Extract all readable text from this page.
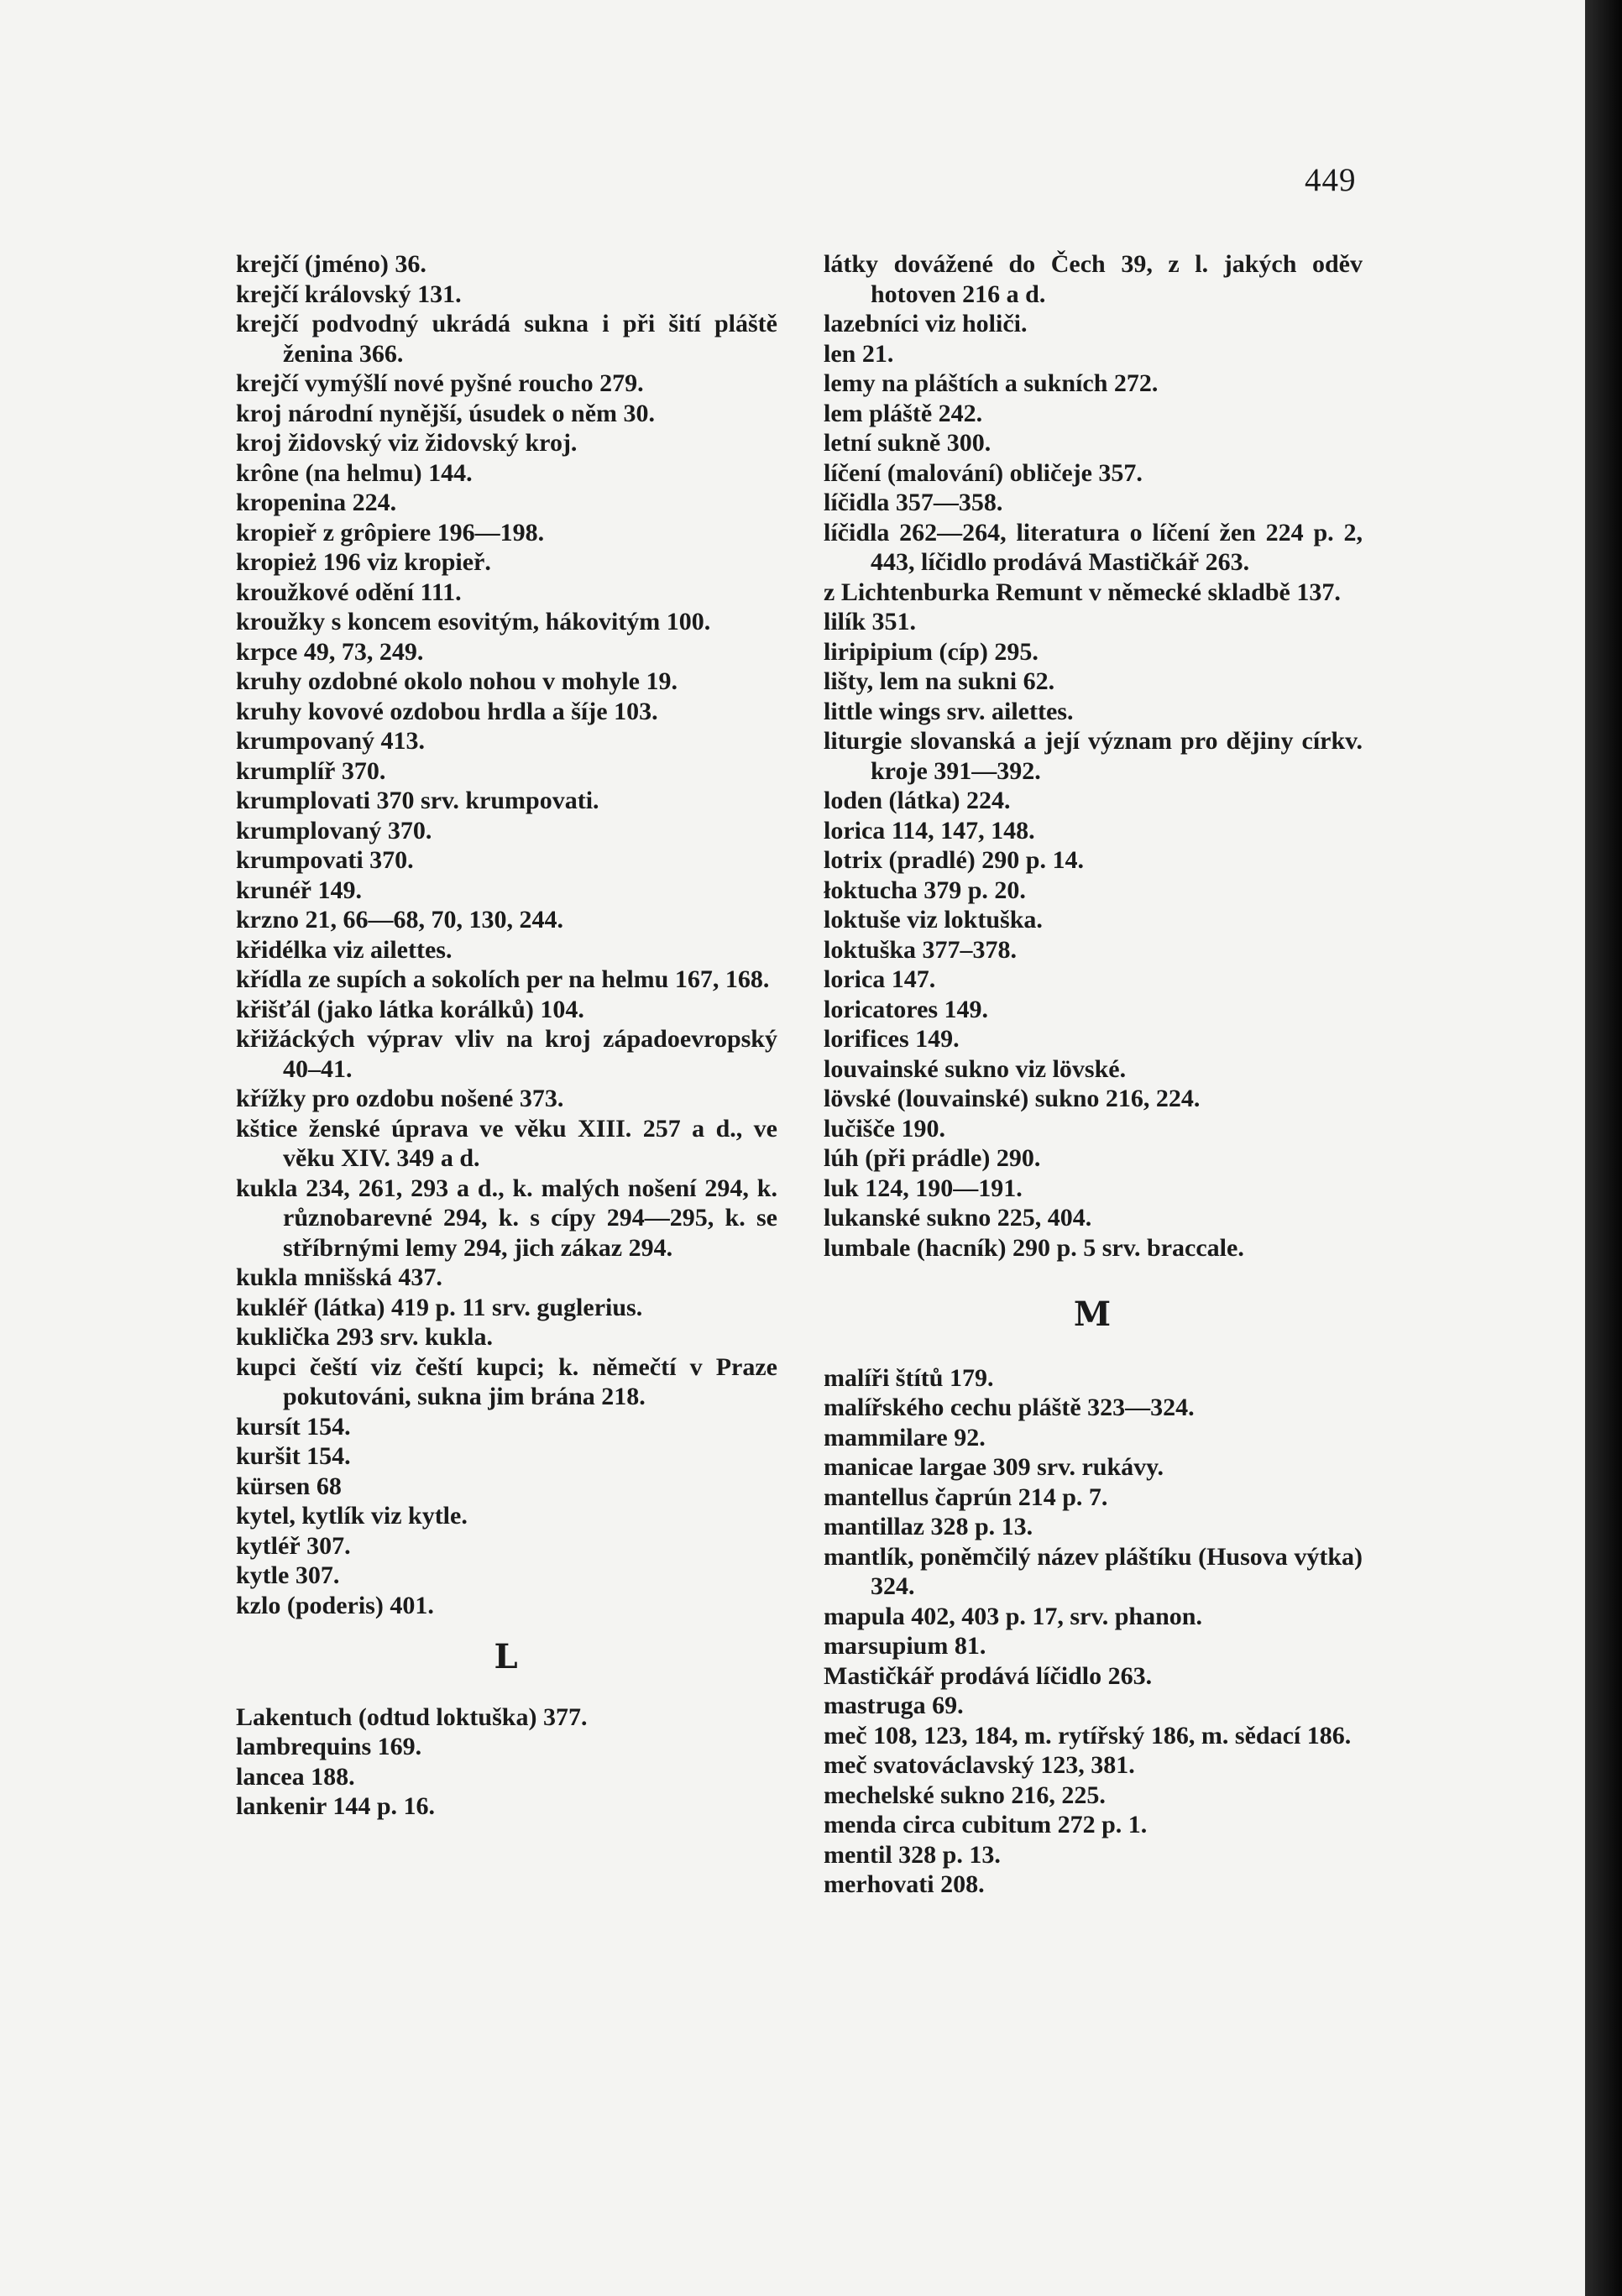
449
krejčí (jméno) 36.
krejčí královský 131.
krejčí podvodný ukrádá sukna i při šití pláště ženina 366.
krejčí vymýšlí nové pyšné roucho 279.
kroj národní nynější, úsudek o něm 30.
kroj židovský viz židovský kroj.
krône (na helmu) 144.
kropenina 224.
kropieř z grôpiere 196—198.
kropież 196 viz kropieř.
kroužkové odění 111.
kroužky s koncem esovitým, hákovitým 100.
krpce 49, 73, 249.
kruhy ozdobné okolo nohou v mohyle 19.
kruhy kovové ozdobou hrdla a šíje 103.
krumpovaný 413.
krumplíř 370.
krumplovati 370 srv. krumpovati.
krumplovaný 370.
krumpovati 370.
krunéř 149.
krzno 21, 66—68, 70, 130, 244.
křidélka viz ailettes.
křídla ze supích a sokolích per na helmu 167, 168.
křišťál (jako látka korálků) 104.
křižáckých výprav vliv na kroj západoevropský 40–41.
křížky pro ozdobu nošené 373.
kštice ženské úprava ve věku XIII. 257 a d., ve věku XIV. 349 a d.
kukla 234, 261, 293 a d., k. malých nošení 294, k. různobarevné 294, k. s cípy 294—295, k. se stříbrnými lemy 294, jich zákaz 294.
kukla mnišská 437.
kukléř (látka) 419 p. 11 srv. guglerius.
kuklička 293 srv. kukla.
kupci čeští viz čeští kupci; k. němečtí v Praze pokutováni, sukna jim brána 218.
kursít 154.
kuršit 154.
kürsen 68
kytel, kytlík viz kytle.
kytléř 307.
kytle 307.
kzlo (poderis) 401.
L
Lakentuch (odtud loktuška) 377.
lambrequins 169.
lancea 188.
lankenir 144 p. 16.
látky dovážené do Čech 39, z l. jakých oděv hotoven 216 a d.
lazebníci viz holiči.
len 21.
lemy na pláštích a sukních 272.
lem pláště 242.
letní sukně 300.
líčení (malování) obličeje 357.
líčidla 357—358.
líčidla 262—264, literatura o líčení žen 224 p. 2, 443, líčidlo prodává Mastičkář 263.
z Lichtenburka Remunt v německé skladbě 137.
lilík 351.
liripipium (cíp) 295.
lišty, lem na sukni 62.
little wings srv. ailettes.
liturgie slovanská a její význam pro dějiny církv. kroje 391—392.
loden (látka) 224.
lorica 114, 147, 148.
lotrix (pradlé) 290 p. 14.
łoktucha 379 p. 20.
loktuše viz loktuška.
loktuška 377–378.
lorica 147.
loricatores 149.
lorifices 149.
louvainské sukno viz lövské.
lövské (louvainské) sukno 216, 224.
lučišče 190.
lúh (při prádle) 290.
luk 124, 190—191.
lukanské sukno 225, 404.
lumbale (hacník) 290 p. 5 srv. braccale.
M
malíři štítů 179.
malířského cechu pláště 323—324.
mammilare 92.
manicae largae 309 srv. rukávy.
mantellus čaprún 214 p. 7.
mantillaz 328 p. 13.
mantlík, poněmčilý název pláštíku (Husova výtka) 324.
mapula 402, 403 p. 17, srv. phanon.
marsupium 81.
Mastičkář prodává líčidlo 263.
mastruga 69.
meč 108, 123, 184, m. rytířský 186, m. sědací 186.
meč svatováclavský 123, 381.
mechelské sukno 216, 225.
menda circa cubitum 272 p. 1.
mentil 328 p. 13.
merhovati 208.
